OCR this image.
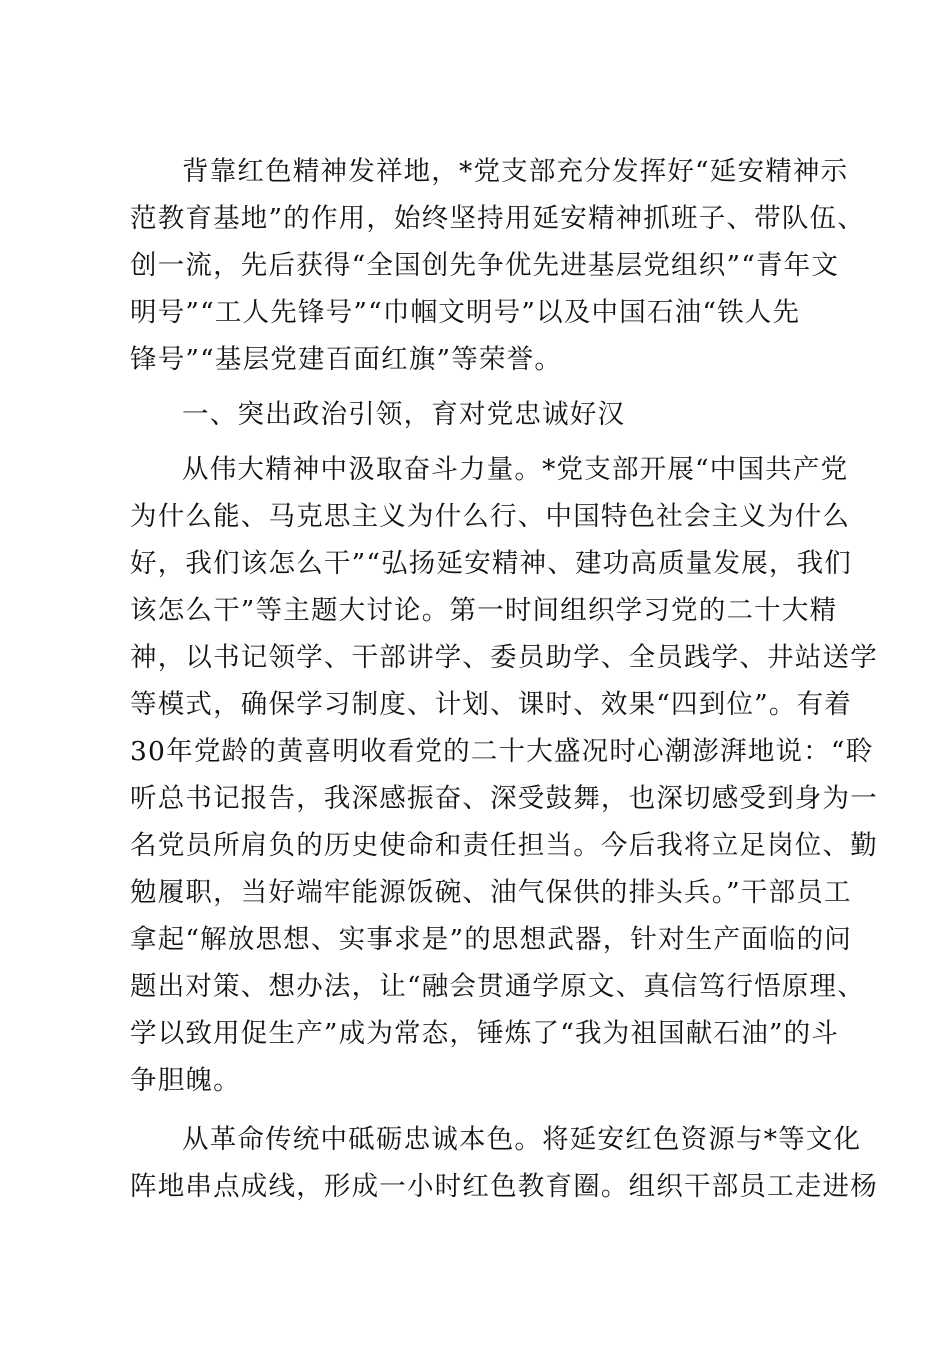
背靠红色精神发祥地，*党支部充分发挥好“延安精神示
范教育基地”的作用，始终坚持用延安精神抓班子、带队伍、
创一流，先后获得“全国创先争优先进基层党组织”“青年文
明号”“工人先锋号”“巾帼文明号”以及中国石油“铁人先
锋号”“基层党建百面红旗”等荣誉。
一、突出政治引领，育对党忠诚好汉
从伟大精神中汲取奋斗力量。*党支部开展“中国共产党
为什么能、马克思主义为什么行、中国特色社会主义为什么
好，我们该怎么干”“弘扬延安精神、建功高质量发展，我们
该怎么干”等主题大讨论。第一时间组织学习党的二十大精
神，以书记领学、干部讲学、委员助学、全员践学、井站送学
等模式，确保学习制度、计划、课时、效果“四到位”。有着
30年党龄的黄喜明收看党的二十大盛况时心潮澎湃地说：“聆
听总书记报告，我深感振奋、深受鼓舞，也深切感受到身为一
名党员所肩负的历史使命和责任担当。今后我将立足岗位、勤
勉履职，当好端牢能源饭碗、油气保供的排头兵。”干部员工
拿起“解放思想、实事求是”的思想武器，针对生产面临的问
题出对策、想办法，让“融会贯通学原文、真信笃行悟原理、
学以致用促生产”成为常态，锤炼了“我为祖国献石油”的斗
争胆魄。
从革命传统中砥砺忠诚本色。将延安红色资源与*等文化
阵地串点成线，形成一小时红色教育圈。组织干部员工走进杨
